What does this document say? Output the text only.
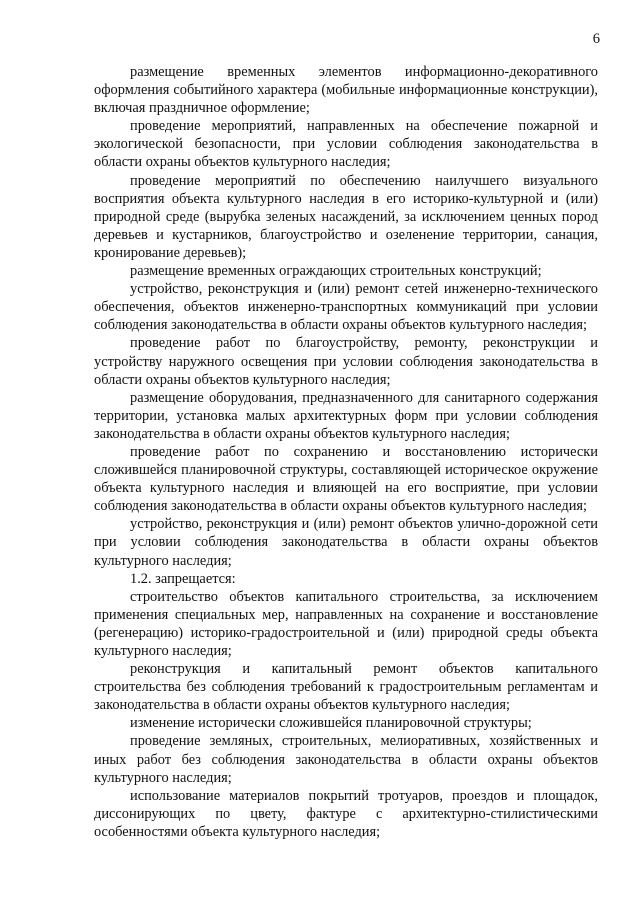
6

размещение временных элементов информационно-декоративного оформления событийного характера (мобильные информационные конструкции), включая праздничное оформление;

проведение мероприятий, направленных на обеспечение пожарной и экологической безопасности, при условии соблюдения законодательства в области охраны объектов культурного наследия;

проведение мероприятий по обеспечению наилучшего визуального восприятия объекта культурного наследия в его историко-культурной и (или) природной среде (вырубка зеленых насаждений, за исключением ценных пород деревьев и кустарников, благоустройство и озеленение территории, санация, кронирование деревьев);

размещение временных ограждающих строительных конструкций;

устройство, реконструкция и (или) ремонт сетей инженерно-технического обеспечения, объектов инженерно-транспортных коммуникаций при условии соблюдения законодательства в области охраны объектов культурного наследия;

проведение работ по благоустройству, ремонту, реконструкции и устройству наружного освещения при условии соблюдения законодательства в области охраны объектов культурного наследия;

размещение оборудования, предназначенного для санитарного содержания территории, установка малых архитектурных форм при условии соблюдения законодательства в области охраны объектов культурного наследия;

проведение работ по сохранению и восстановлению исторически сложившейся планировочной структуры, составляющей историческое окружение объекта культурного наследия и влияющей на его восприятие, при условии соблюдения законодательства в области охраны объектов культурного наследия;

устройство, реконструкция и (или) ремонт объектов улично-дорожной сети при условии соблюдения законодательства в области охраны объектов культурного наследия;

1.2. запрещается:

строительство объектов капитального строительства, за исключением применения специальных мер, направленных на сохранение и восстановление (регенерацию) историко-градостроительной и (или) природной среды объекта культурного наследия;

реконструкция и капитальный ремонт объектов капитального строительства без соблюдения требований к градостроительным регламентам и законодательства в области охраны объектов культурного наследия;

изменение исторически сложившейся планировочной структуры;

проведение земляных, строительных, мелиоративных, хозяйственных и иных работ без соблюдения законодательства в области охраны объектов культурного наследия;

использование материалов покрытий тротуаров, проездов и площадок, диссонирующих по цвету, фактуре с архитектурно-стилистическими особенностями объекта культурного наследия;
